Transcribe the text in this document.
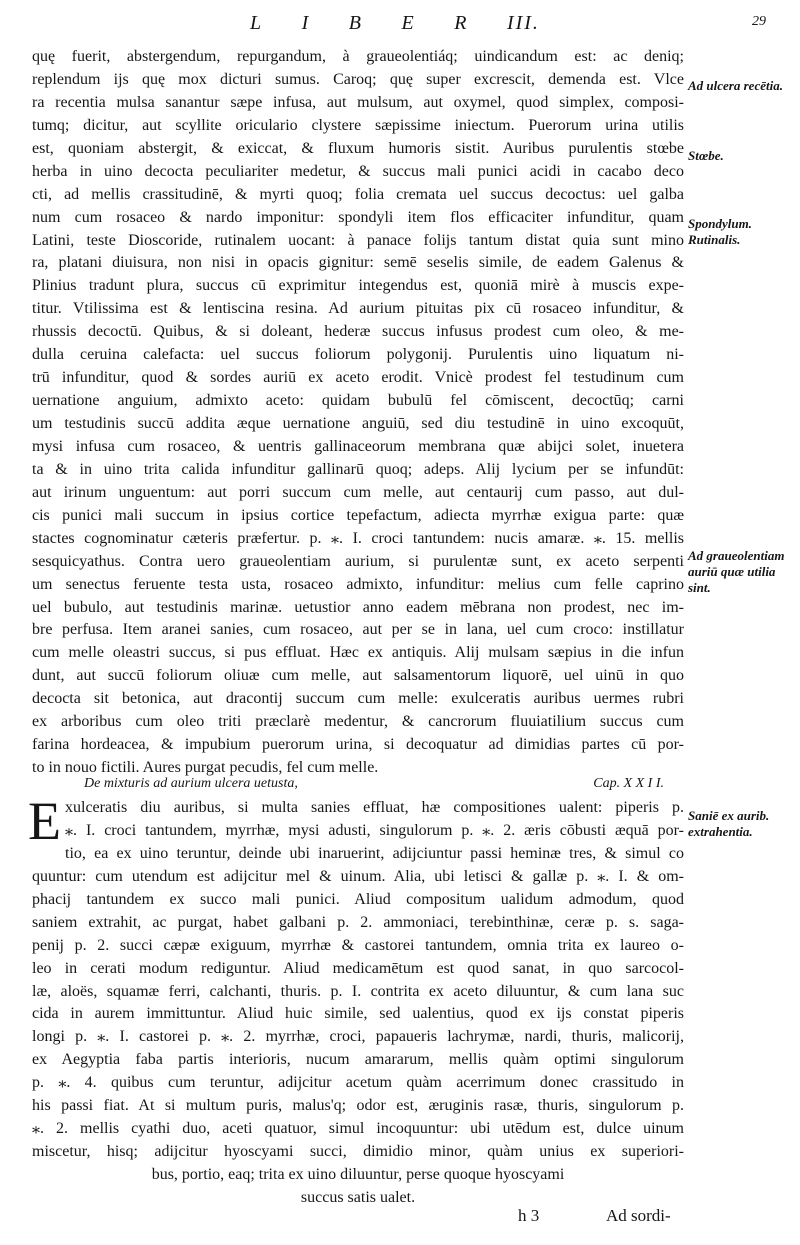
L I B E R III.	29
quę fuerit, abstergendum, repurgandum, à graueolentiáq; uindicandum est: ac deniq;
replendum ijs quę mox dicturi sumus. Caroq; quę super excrescit, demenda est. Vlce
ra recentia mulsa sanantur sæpe infusa, aut mulsum, aut oxymel, quod simplex, composi-
tumq; dicitur, aut scyllite oriculario clystere sæpissime iniectum. Puerorum urina utilis
est, quoniam abstergit, & exiccat, & fluxum humoris sistit. Auribus purulentis stœbe
herba in uino decocta peculiariter medetur, & succus mali punici acidi in cacabo deco
cti, ad mellis crassitudinē, & myrti quoq; folia cremata uel succus decoctus: uel galba
num cum rosaceo & nardo imponitur: spondyli item flos efficaciter infunditur, quam
Latini, teste Dioscoride, rutinalem uocant: à panace folijs tantum distat quia sunt mino
ra, platani diuisura, non nisi in opacis gignitur: semē seselis simile, de eadem Galenus &
Plinius tradunt plura, succus cū exprimitur integendus est, quoniā mirè à muscis expe-
titur. Vtilissima est & lentiscina resina. Ad aurium pituitas pix cū rosaceo infunditur, &
rhussis decoctū. Quibus, & si doleant, hederæ succus infusus prodest cum oleo, & me-
dulla ceruina calefacta: uel succus foliorum polygonij. Purulentis uino liquatum ni-
trū infunditur, quod & sordes auriū ex aceto erodit. Vnicè prodest fel testudinum cum
uernatione anguium, admixto aceto: quidam bubulū fel cōmiscent, decoctūq; carni
um testudinis succū addita æque uernatione anguiū, sed diu testudinē in uino excoquūt,
mysi infusa cum rosaceo, & uentris gallinaceorum membrana quæ abijci solet, inuetera
ta & in uino trita calida infunditur gallinarū quoq; adeps. Alij lycium per se infundūt:
aut irinum unguentum: aut porri succum cum melle, aut centaurij cum passo, aut dul-
cis punici mali succum in ipsius cortice tepefactum, adiecta myrrhæ exigua parte: quæ
stactes cognominatur cæteris præfertur. p. ⁎. I. croci tantundem: nucis amaræ. ⁎. 15. mellis
sesquicyathus. Contra uero graueolentiam aurium, si purulentæ sunt, ex aceto serpenti
um senectus feruente testa usta, rosaceo admixto, infunditur: melius cum felle caprino
uel bubulo, aut testudinis marinæ. uetustior anno eadem mēbrana non prodest, nec im-
bre perfusa. Item aranei sanies, cum rosaceo, aut per se in lana, uel cum croco: instillatur
cum melle oleastri succus, si pus effluat. Hæc ex antiquis. Alij mulsam sæpius in die infun
dunt, aut succū foliorum oliuæ cum melle, aut salsamentorum liquorē, uel uinū in quo
decocta sit betonica, aut dracontij succum cum melle: exulceratis auribus uermes rubri
ex arboribus cum oleo triti præclarè medentur, & cancrorum fluuiatilium succus cum
farina hordeacea, & impubium puerorum urina, si decoquatur ad dimidias partes cū por-
to in nouo fictili. Aures purgat pecudis, fel cum melle.
De mixturis ad aurium ulcera uetusta,	Cap. X X I I.
E xulceratis diu auribus, si multa sanies effluat, hæ compositiones ualent: piperis p.
⁎. I. croci tantundem, myrrhæ, mysi adusti, singulorum p. ⁎. 2. æris cōbusti æquā por-
tio, ea ex uino teruntur, deinde ubi inaruerint, adijciuntur passi heminæ tres, & simul co
quuntur: cum utendum est adijcitur mel & uinum. Alia, ubi letisci & gallæ p. ⁎. I. & om-
phacij tantundem ex succo mali punici. Aliud compositum ualidum admodum, quod
saniem extrahit, ac purgat, habet galbani p. 2. ammoniaci, terebinthinæ, ceræ p. s. saga-
penij p. 2. succi cæpæ exiguum, myrrhæ & castorei tantundem, omnia trita ex laureo o-
leo in cerati modum rediguntur. Aliud medicamētum est quod sanat, in quo sarcocol-
læ, aloës, squamæ ferri, calchanti, thuris. p. I. contrita ex aceto diluuntur, & cum lana suc
cida in aurem immittuntur. Aliud huic simile, sed ualentius, quod ex ijs constat piperis
longi p. ⁎. I. castorei p. ⁎. 2. myrrhæ, croci, papaueris lachrymæ, nardi, thuris, malicorij,
ex Aegyptia faba partis interioris, nucum amararum, mellis quàm optimi singulorum
p. ⁎. 4. quibus cum teruntur, adijcitur acetum quàm acerrimum donec crassitudo in
his passi fiat. At si multum puris, malus'q; odor est, æruginis rasæ, thuris, singulorum p.
⁎. 2. mellis cyathi duo, aceti quatuor, simul incoquuntur: ubi utēdum est, dulce uinum
miscetur, hisq; adijcitur hyoscyami succi, dimidio minor, quàm unius ex superiori-
bus, portio, eaq; trita ex uino diluuntur, perse quoque hyoscyami
succus satis ualet.
Ad ulcera recētia.
Stœbe.
Spondylum. Rutinalis.
Ad graueolentiam auriū quæ utilia sint.
Saniē ex aurib. extrahentia.
h 3	Ad sordi-
